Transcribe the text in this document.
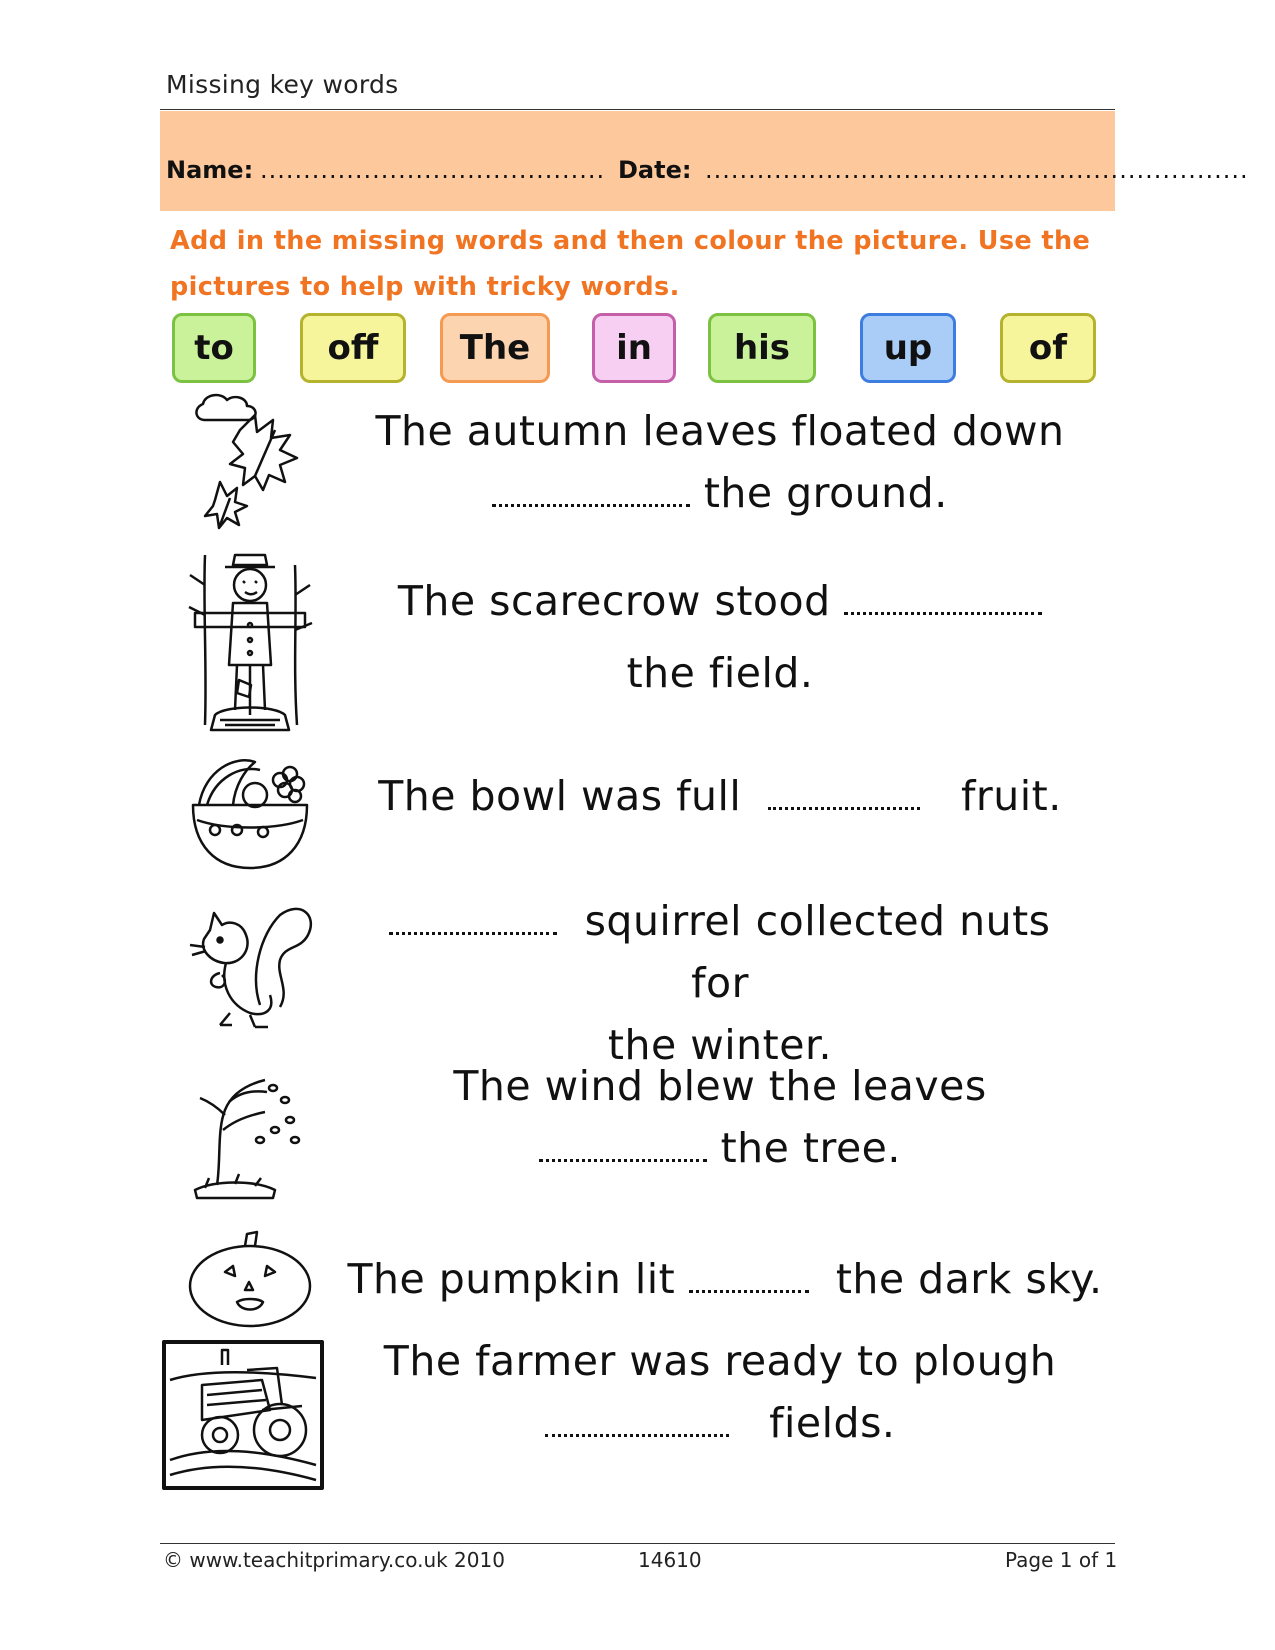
Missing key words
Name: ........................................ Date: ...............................................................
Add in the missing words and then colour the picture. Use the pictures to help with tricky words.
to	off	The	in	his	up	of
The autumn leaves floated down
the ground.
The scarecrow stood
the field.
The bowl was full	fruit.
squirrel collected nuts for
the winter.
The wind blew the leaves
the tree.
The pumpkin lit	the dark sky.
The farmer was ready to plough
fields.
© www.teachitprimary.co.uk 2010	14610	Page 1 of 1
